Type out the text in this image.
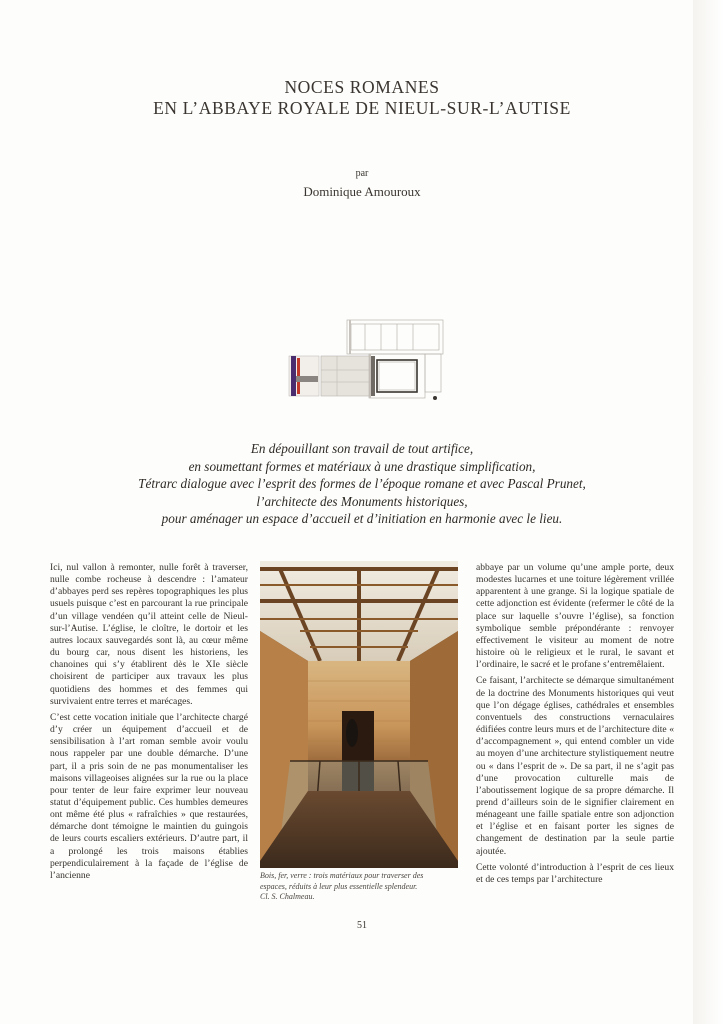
NOCES ROMANES
EN L’ABBAYE ROYALE DE NIEUL-SUR-L’AUTISE
par
Dominique Amouroux
En dépouillant son travail de tout artifice,
en soumettant formes et matériaux à une drastique simplification,
Tétrarc dialogue avec l’esprit des formes de l’époque romane et avec Pascal Prunet,
l’architecte des Monuments historiques,
pour aménager un espace d’accueil et d’initiation en harmonie avec le lieu.

Ici, nul vallon à remonter, nulle forêt à traverser, nulle combe rocheuse à descendre : l’amateur d’abbayes perd ses repères topographiques les plus usuels puisque c’est en parcourant la rue principale d’un village vendéen qu’il atteint celle de Nieul-sur-l’Autise. L’église, le cloître, le dortoir et les autres locaux sauvegardés sont là, au cœur même du bourg car, nous disent les historiens, les chanoines qui s’y établirent dès le XIe siècle choisirent de participer aux travaux les plus quotidiens des hommes et des femmes qui survivaient entre terres et marécages.

C’est cette vocation initiale que l’architecte chargé d’y créer un équipement d’accueil et de sensibilisation à l’art roman semble avoir voulu nous rappeler par une double démarche. D’une part, il a pris soin de ne pas monumentaliser les maisons villageoises alignées sur la rue ou la place pour tenter de leur faire exprimer leur nouveau statut d’équipement public. Ces humbles demeures ont même été plus « rafraîchies » que restaurées, démarche dont témoigne le maintien du guingois de leurs courts escaliers extérieurs. D’autre part, il a prolongé les trois maisons établies perpendiculairement à la façade de l’église de l’ancienne	Bois, fer, verre : trois matériaux pour traverser des
espaces, réduits à leur plus essentielle splendeur.
Cl. S. Chalmeau.

abbaye par un volume qu’une ample porte, deux modestes lucarnes et une toiture légèrement vrillée apparentent à une grange. Si la logique spatiale de cette adjonction est évidente (refermer le côté de la place sur laquelle s’ouvre l’église), sa fonction symbolique semble prépondérante : renvoyer effectivement le visiteur au moment de notre histoire où le religieux et le rural, le savant et l’ordinaire, le sacré et le profane s’entremêlaient.

Ce faisant, l’architecte se démarque simultanément de la doctrine des Monuments historiques qui veut que l’on dégage églises, cathédrales et ensembles conventuels des constructions vernaculaires édifiées contre leurs murs et de l’architecture dite « d’accompagnement », qui entend combler un vide au moyen d’une architecture stylistiquement neutre ou « dans l’esprit de ». De sa part, il ne s’agit pas d’une provocation culturelle mais de l’aboutissement logique de sa propre démarche. Il prend d’ailleurs soin de le signifier clairement en ménageant une faille spatiale entre son adjonction et l’église et en faisant porter les signes de changement de destination par la seule partie ajoutée.

Cette volonté d’introduction à l’esprit de ces lieux et de ces temps par l’architecture

51
